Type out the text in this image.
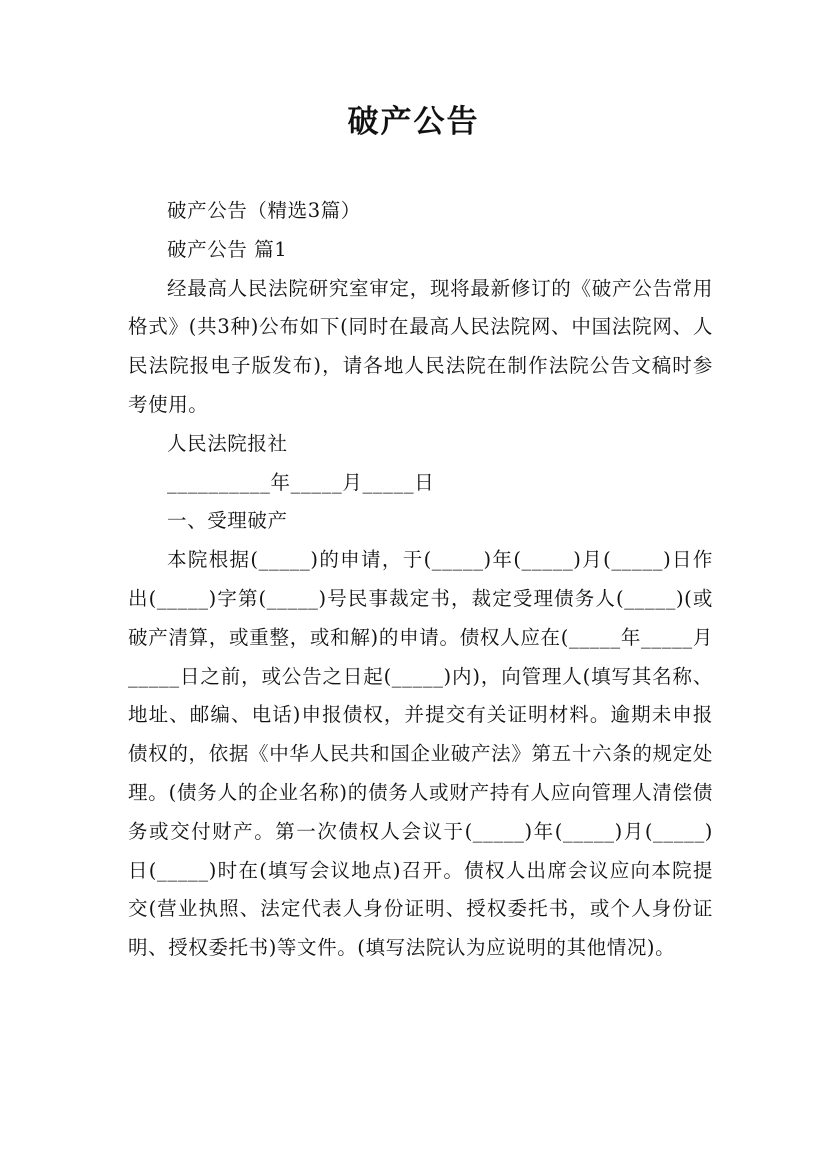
破产公告

破产公告（精选3篇）

破产公告 篇1

经最高人民法院研究室审定，现将最新修订的《破产公告常用格式》(共3种)公布如下(同时在最高人民法院网、中国法院网、人民法院报电子版发布)，请各地人民法院在制作法院公告文稿时参考使用。

人民法院报社

__________年_____月_____日

一、受理破产

本院根据(_____)的申请，于(_____)年(_____)月(_____)日作出(_____)字第(_____)号民事裁定书，裁定受理债务人(_____)(或破产清算，或重整，或和解)的申请。债权人应在(_____年_____月_____日之前，或公告之日起(_____)内)，向管理人(填写其名称、地址、邮编、电话)申报债权，并提交有关证明材料。逾期未申报债权的，依据《中华人民共和国企业破产法》第五十六条的规定处理。(债务人的企业名称)的债务人或财产持有人应向管理人清偿债务或交付财产。第一次债权人会议于(_____)年(_____)月(_____)日(_____)时在(填写会议地点)召开。债权人出席会议应向本院提交(营业执照、法定代表人身份证明、授权委托书，或个人身份证明、授权委托书)等文件。(填写法院认为应说明的其他情况)。
